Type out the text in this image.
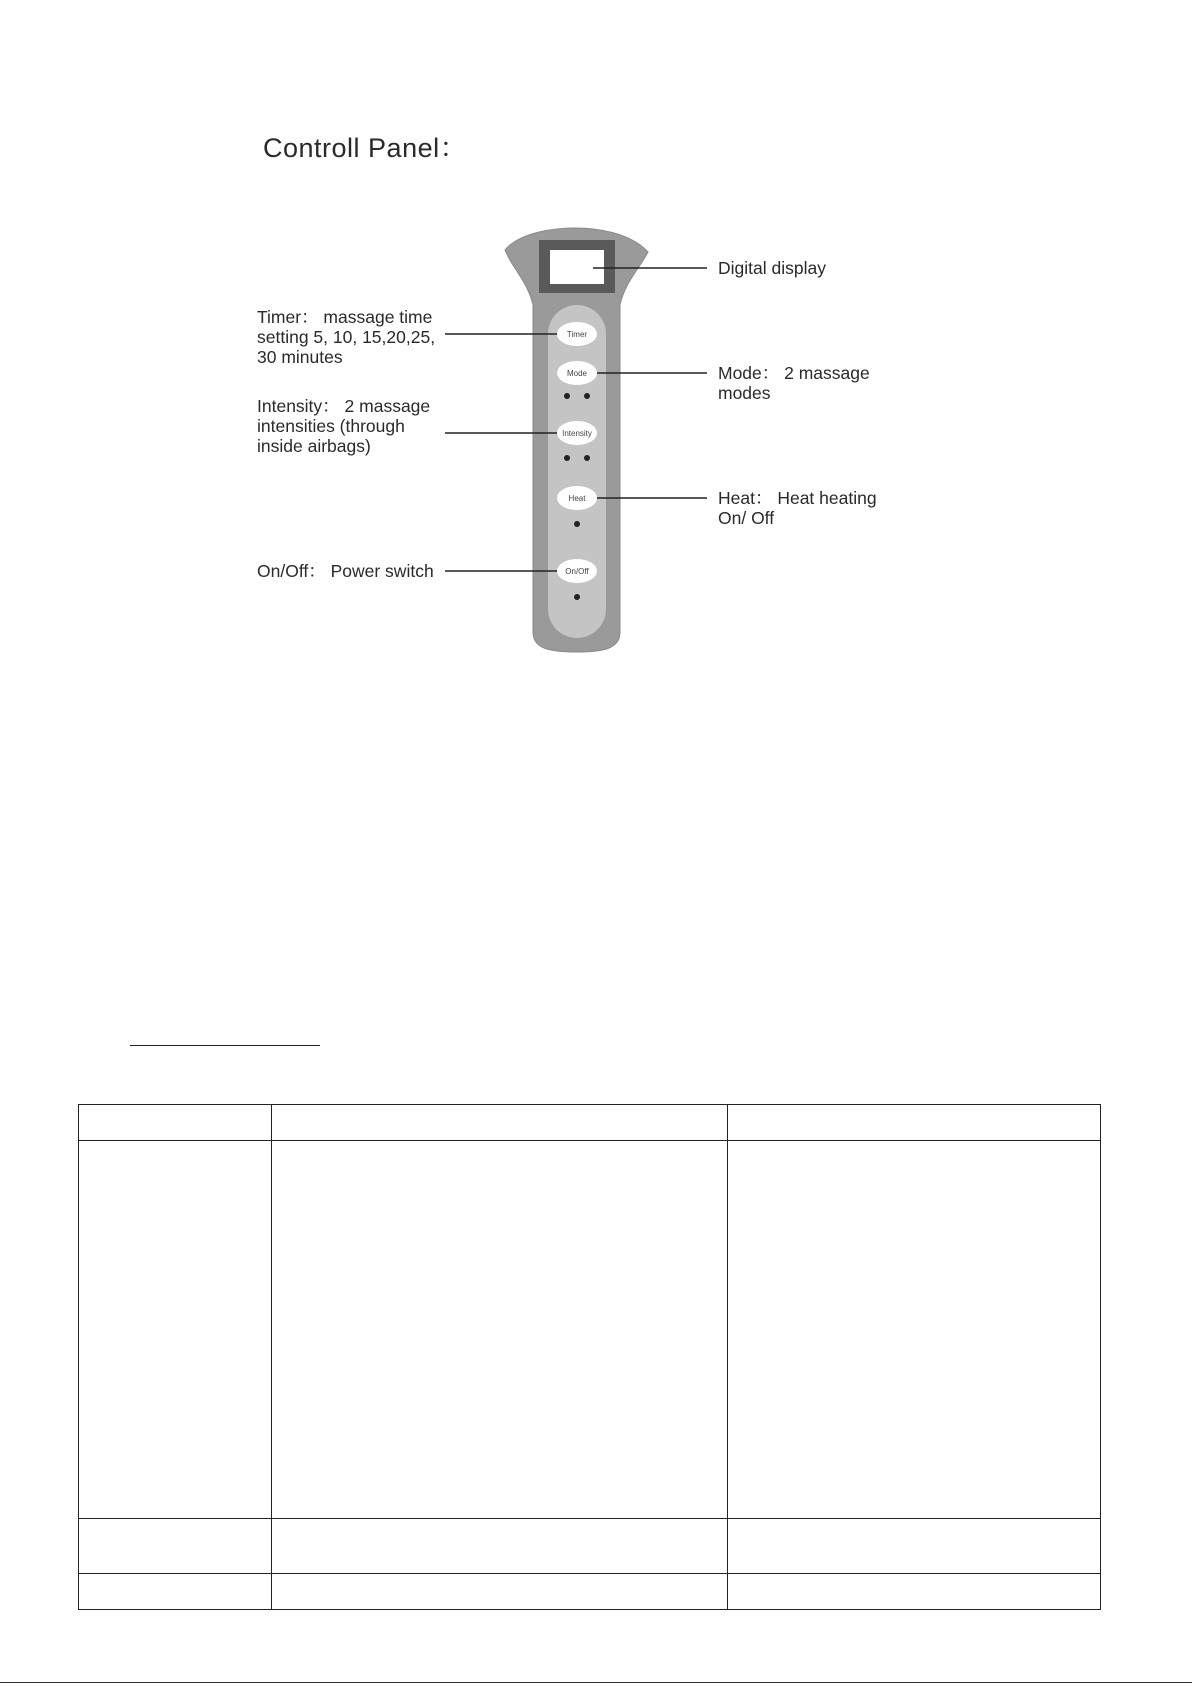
Controll Panel：
Timer
Mode
Intensity
Heat
On/Off
Digital display
Timer： massage time
setting 5, 10, 15,20,25,
30 minutes
Mode： 2 massage
modes
Intensity： 2 massage
intensities (through
inside airbags)
Heat： Heat heating
On/ Off
On/Off： Power switch
